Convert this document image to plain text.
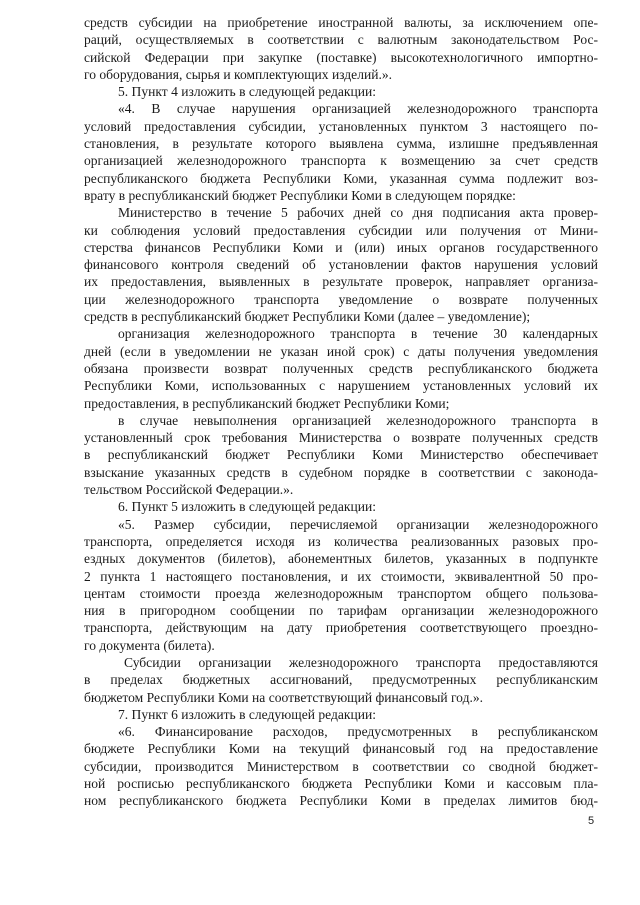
средств субсидии на приобретение иностранной валюты, за исключением опе-
раций, осуществляемых в соответствии с валютным законодательством Рос-
сийской Федерации при закупке (поставке) высокотехнологичного импортно-
го оборудования, сырья и комплектующих изделий.».
5. Пункт 4 изложить в следующей редакции:
«4. В случае нарушения организацией железнодорожного транспорта
условий предоставления субсидии, установленных пунктом 3 настоящего по-
становления, в результате которого выявлена сумма, излишне предъявленная
организацией железнодорожного транспорта к возмещению за счет средств
республиканского бюджета Республики Коми, указанная сумма подлежит воз-
врату в республиканский бюджет Республики Коми в следующем порядке:
Министерство в течение 5 рабочих дней со дня подписания акта провер-
ки соблюдения условий предоставления субсидии или получения от Мини-
стерства финансов Республики Коми и (или) иных органов государственного
финансового контроля сведений об установлении фактов нарушения условий
их предоставления, выявленных в результате проверок, направляет организа-
ции железнодорожного транспорта уведомление о возврате полученных
средств в республиканский бюджет Республики Коми (далее – уведомление);
организация железнодорожного транспорта в течение 30 календарных
дней (если в уведомлении не указан иной срок) с даты получения уведомления
обязана произвести возврат полученных средств республиканского бюджета
Республики Коми, использованных с нарушением установленных условий их
предоставления, в республиканский бюджет Республики Коми;
в случае невыполнения организацией железнодорожного транспорта в
установленный срок требования Министерства о возврате полученных средств
в республиканский бюджет Республики Коми Министерство обеспечивает
взыскание указанных средств в судебном порядке в соответствии с законода-
тельством Российской Федерации.».
6. Пункт 5 изложить в следующей редакции:
«5. Размер субсидии, перечисляемой организации железнодорожного
транспорта, определяется исходя из количества реализованных разовых про-
ездных документов (билетов), абонементных билетов, указанных в подпункте
2 пункта 1 настоящего постановления, и их стоимости, эквивалентной 50 про-
центам стоимости проезда железнодорожным транспортом общего пользова-
ния в пригородном сообщении по тарифам организации железнодорожного
транспорта, действующим на дату приобретения соответствующего проездно-
го документа (билета).
Субсидии организации железнодорожного транспорта предоставляются
в пределах бюджетных ассигнований, предусмотренных республиканским
бюджетом Республики Коми на соответствующий финансовый год.».
7. Пункт 6 изложить в следующей редакции:
«6. Финансирование расходов, предусмотренных в республиканском
бюджете Республики Коми на текущий финансовый год на предоставление
субсидии, производится Министерством в соответствии со сводной бюджет-
ной росписью республиканского бюджета Республики Коми и кассовым пла-
ном республиканского бюджета Республики Коми в пределах лимитов бюд-
5
